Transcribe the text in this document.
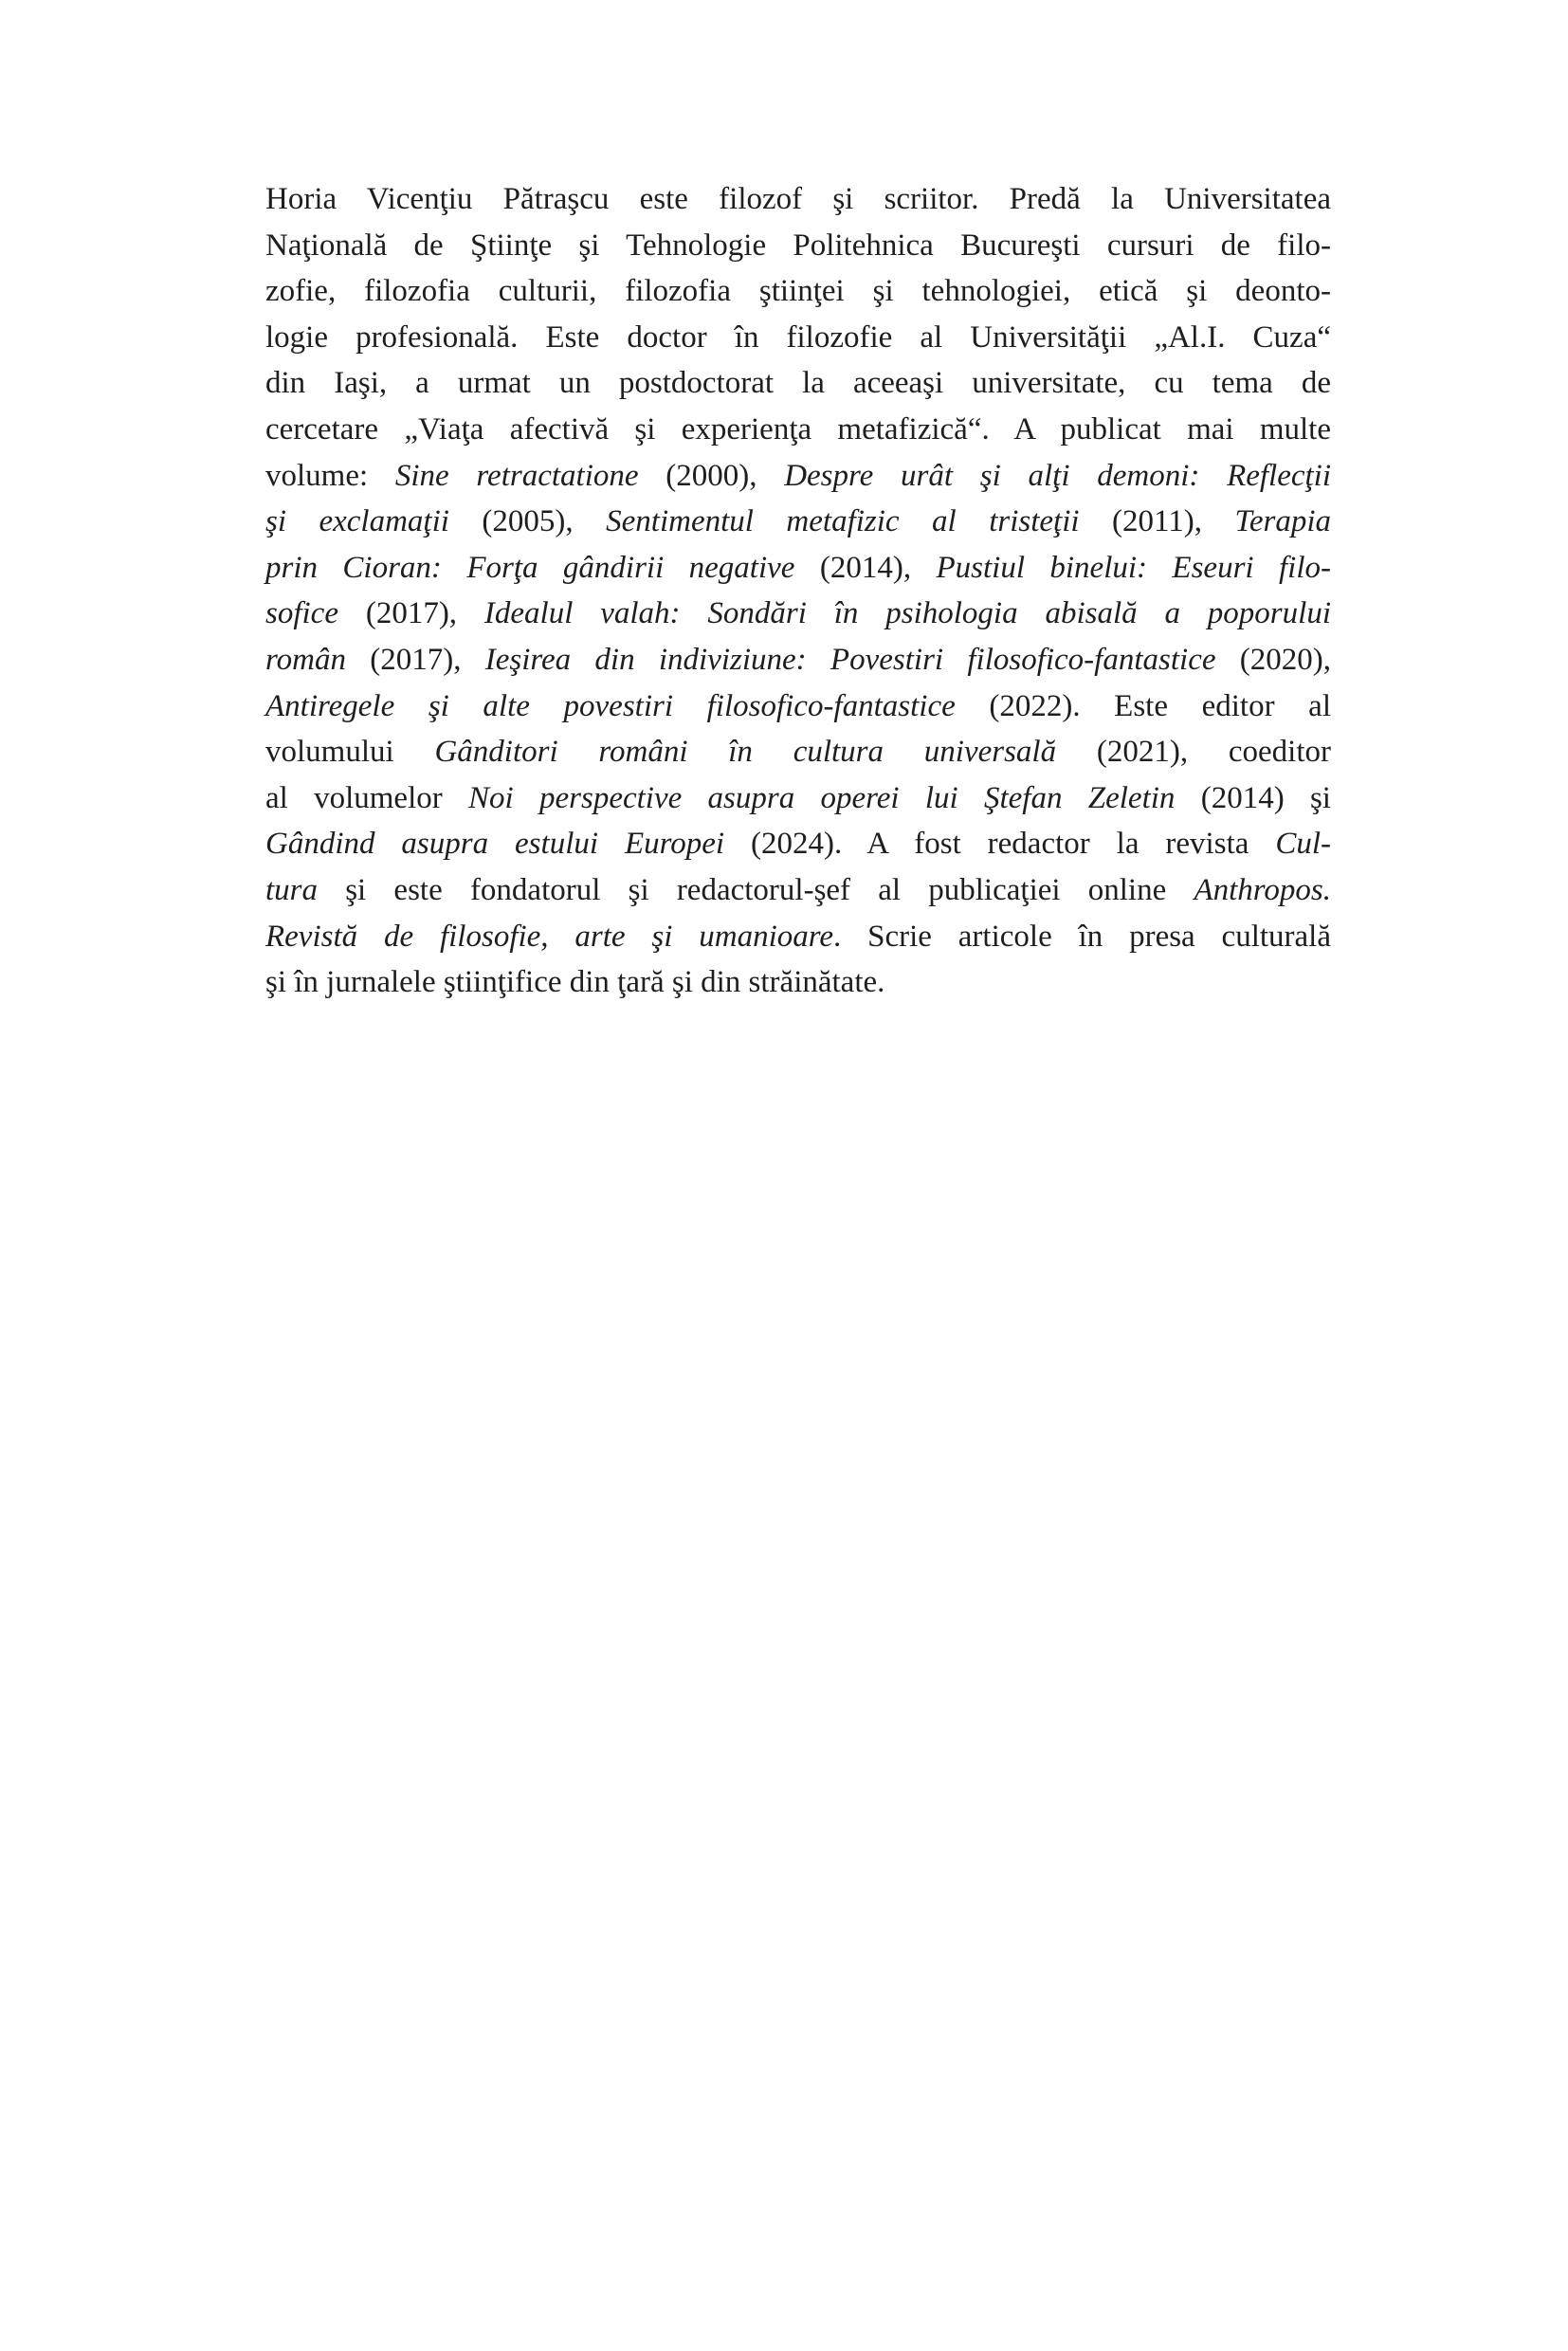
Horia Vicenţiu Pătraşcu este filozof şi scriitor. Predă la Universitatea
Naţională de Ştiinţe şi Tehnologie Politehnica Bucureşti cursuri de filo-
zofie, filozofia culturii, filozofia ştiinţei şi tehnologiei, etică şi deonto-
logie profesională. Este doctor în filozofie al Universităţii „Al.I. Cuza“
din Iaşi, a urmat un postdoctorat la aceeaşi universitate, cu tema de
cercetare „Viaţa afectivă şi experienţa metafizică“. A publicat mai multe
volume: Sine retractatione (2000), Despre urât şi alţi demoni: Reflecţii
şi exclamaţii (2005), Sentimentul metafizic al tristeţii (2011), Terapia
prin Cioran: Forţa gândirii negative (2014), Pustiul binelui: Eseuri filo-
sofice (2017), Idealul valah: Sondări în psihologia abisală a poporului
român (2017), Ieşirea din indiviziune: Povestiri filosofico-fantastice (2020),
Antiregele şi alte povestiri filosofico-fantastice (2022). Este editor al
volumului Gânditori români în cultura universală (2021), coeditor
al volumelor Noi perspective asupra operei lui Ştefan Zeletin (2014) şi
Gândind asupra estului Europei (2024). A fost redactor la revista Cul-
tura şi este fondatorul şi redactorul-şef al publicaţiei online Anthropos.
Revistă de filosofie, arte şi umanioare. Scrie articole în presa culturală
şi în jurnalele ştiinţifice din ţară şi din străinătate.
